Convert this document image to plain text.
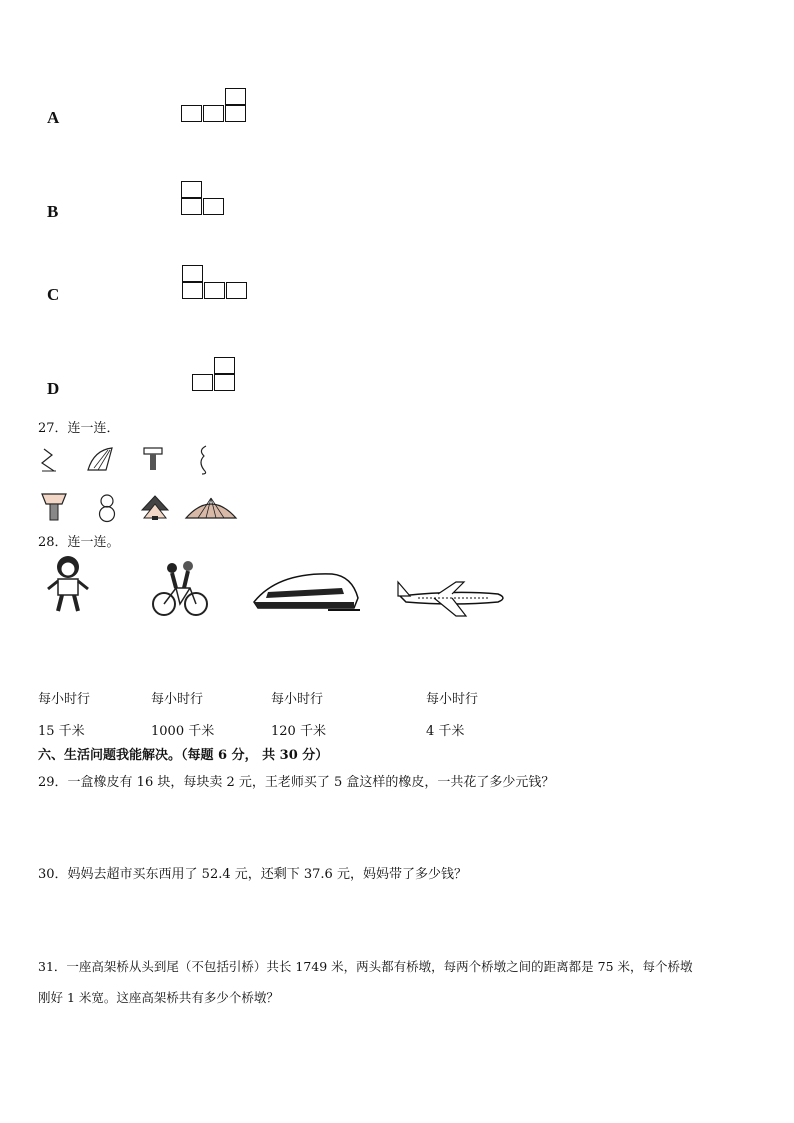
A
B
C
D
27．连一连．
28．连一连。
每小时行	每小时行	每小时行	每小时行
15 千米	1000 千米	120 千米	4 千米
六、生活问题我能解决。（每题 6 分， 共 30 分）
29．一盒橡皮有 16 块，每块卖 2 元，王老师买了 5 盒这样的橡皮，一共花了多少元钱？
30．妈妈去超市买东西用了 52.4 元，还剩下 37.6 元，妈妈带了多少钱？
31．一座高架桥从头到尾（不包括引桥）共长 1749 米，两头都有桥墩，每两个桥墩之间的距离都是 75 米，每个桥墩
刚好 1 米宽。这座高架桥共有多少个桥墩？
